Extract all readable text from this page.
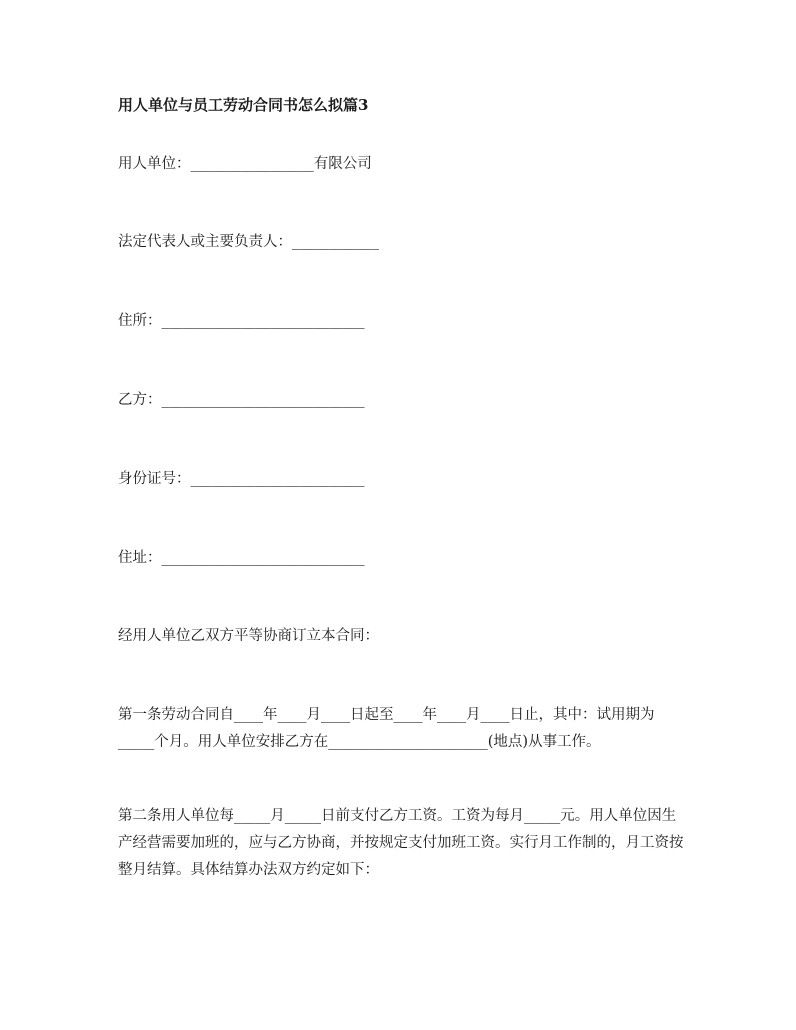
用人单位与员工劳动合同书怎么拟篇3
用人单位：_________________有限公司
法定代表人或主要负责人：____________
住所：____________________________
乙方：____________________________
身份证号：________________________
住址：____________________________
经用人单位乙双方平等协商订立本合同：
第一条劳动合同自____年____月____日起至____年____月____日止，其中：试用期为_____个月。用人单位安排乙方在______________________(地点)从事工作。
第二条用人单位每_____月_____日前支付乙方工资。工资为每月_____元。用人单位因生产经营需要加班的，应与乙方协商，并按规定支付加班工资。实行月工作制的，月工资按整月结算。具体结算办法双方约定如下：
